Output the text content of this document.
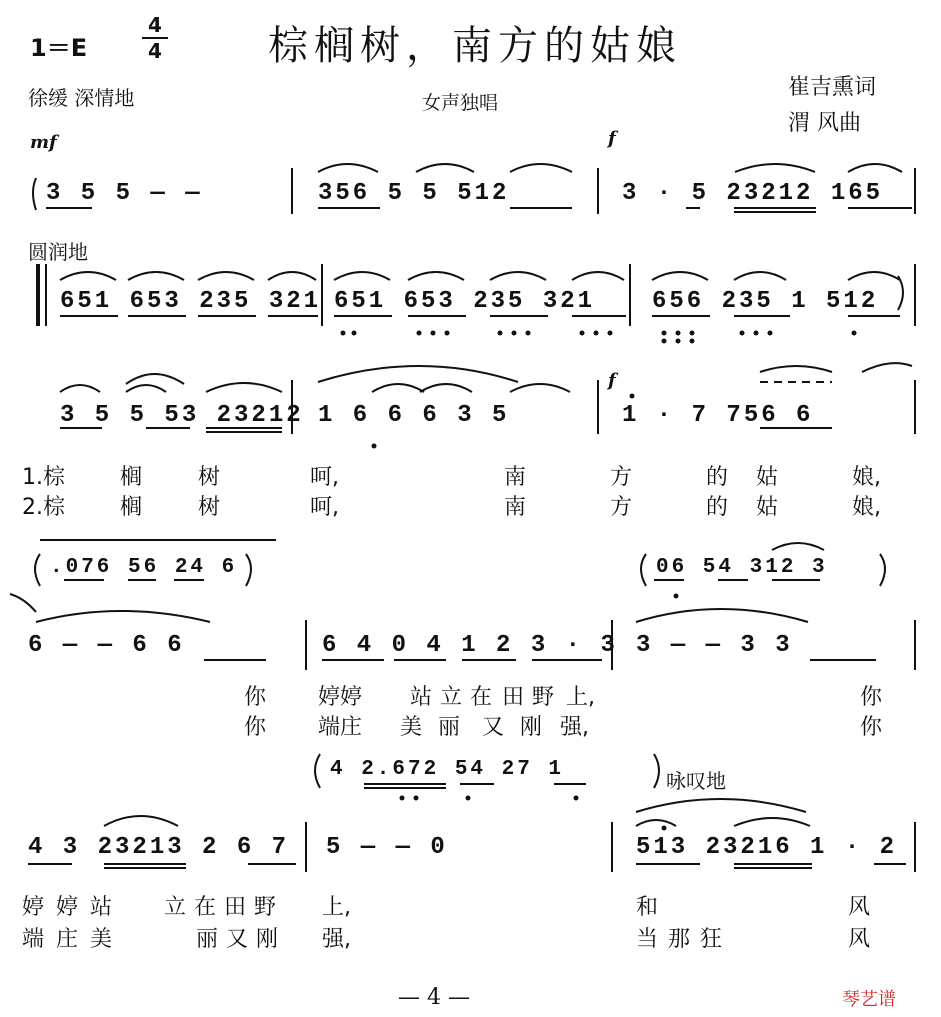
1＝E
4
4	棕榈树，南方的姑娘
徐缓 深情地	女声独唱
崔吉熏词
渭 风曲
mf	f
圆润地
f
咏叹地
3 5 5 — —	356 5 5 512	3 · 5 23212 165
651 653 235 321 651 653 235 321 656 235 1 512
3 5 5 53 23212 1 6 6 6 3 5	1 · 7 756 6
1.棕	榈	树	呵,	南	方	的 姑	娘,
2.棕	榈	树	呵,	南	方	的 姑	娘,
.076 56 24 6	06 54 312 3
6 — — 6 6	6 4 0 4 1 2 3 · 3 3 — — 3 3
你 婷婷 站 立 在 田 野 上,	你
你 端庄 美 丽 又 刚 强,	你
4 2.672 54 27 1
4 3 23213 2 6 7 5 — — 0	513 23216 1 · 2
婷婷站 立在田野 上,	和	风
端庄美	丽又刚 强,	当那狂	风
— 4 —	琴艺谱
